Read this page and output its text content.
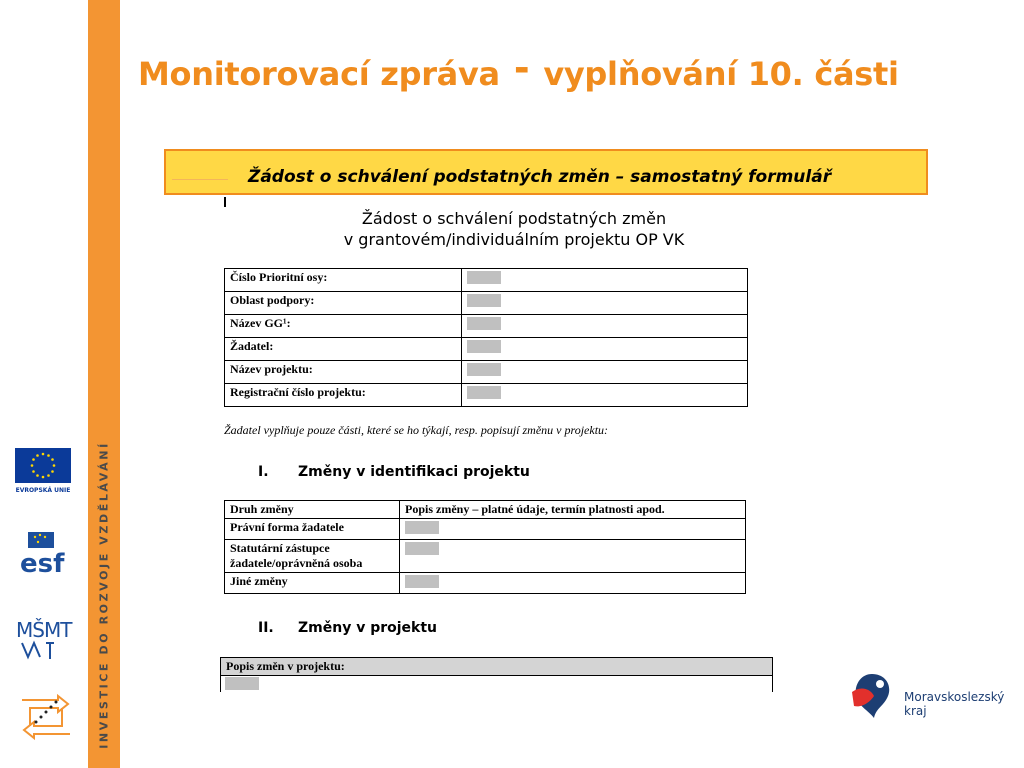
INVESTICE DO ROZVOJE VZDĚLÁVÁNÍ
Monitorovací zpráva - vyplňování 10. části
Žádost o schválení podstatných změn – samostatný formulář
Žádost o schválení podstatných změn
v grantovém/individuálním projektu OP VK
Číslo Prioritní osy:	
Oblast podpory:	
Název GG¹:	
Žadatel:	
Název projektu:	
Registrační číslo projektu:	
Žadatel vyplňuje pouze části, které se ho týkají, resp. popisují změnu v projektu:
I. Změny v identifikaci projektu
Druh změny	Popis změny – platné údaje, termín platnosti apod.
Právní forma žadatele	
Statutární zástupce žadatele/oprávněná osoba	
Jiné změny	
II. Změny v projektu
Popis změn v projektu:

EVROPSKÁ UNIE
esf
MŠMT
Moravskoslezský
kraj
